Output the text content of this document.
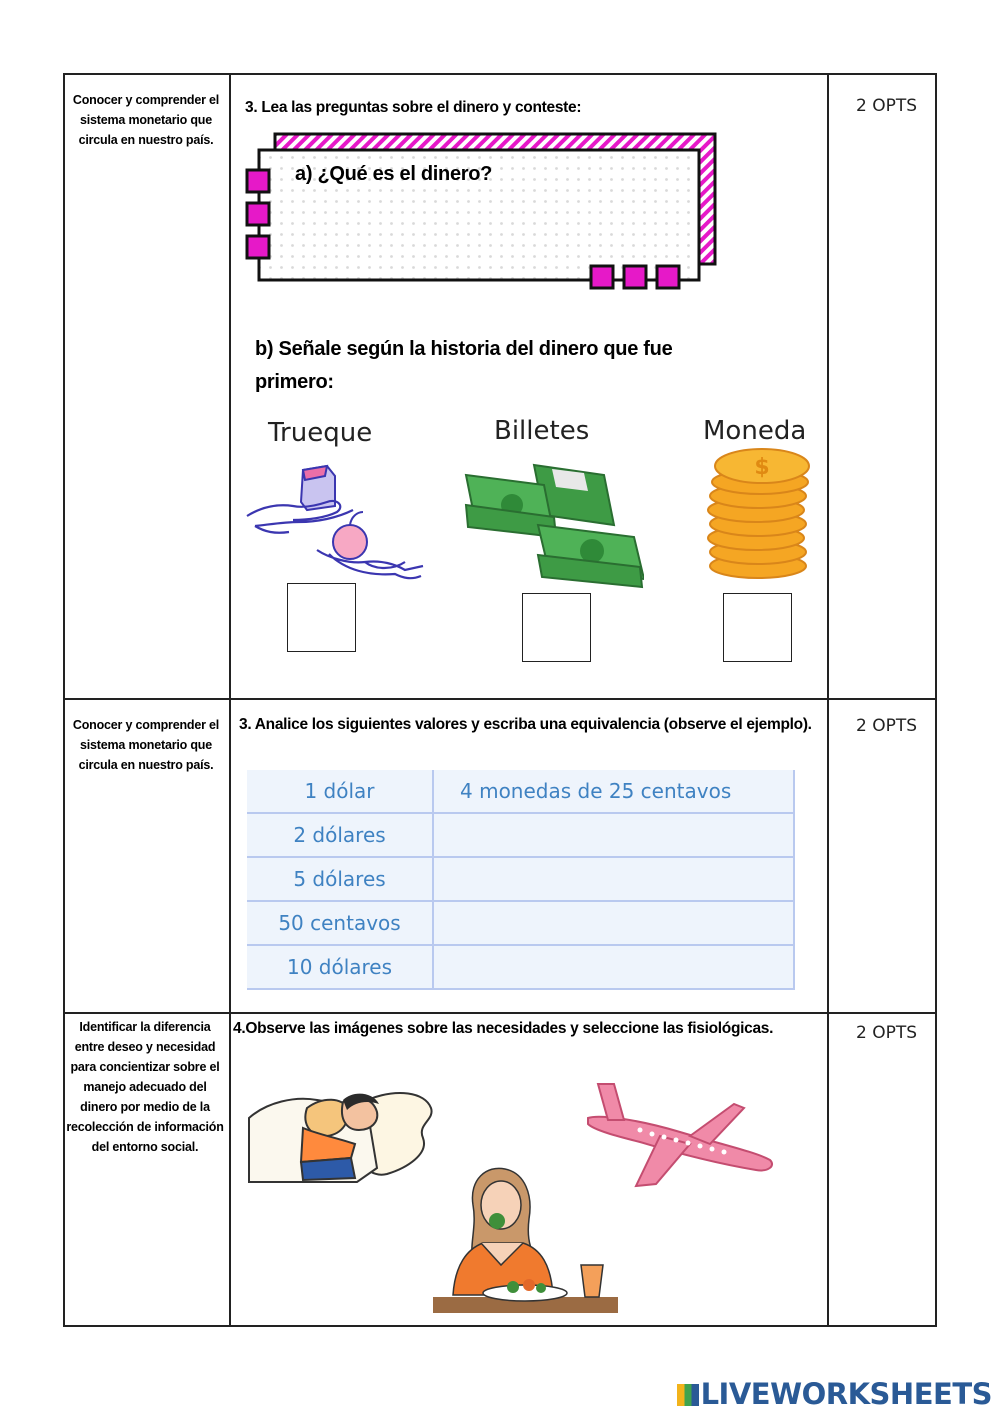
Conocer y comprender el sistema monetario que circula en nuestro país.
2 OPTS
3. Lea las preguntas sobre el dinero y conteste:
a) ¿Qué es el dinero?
b) Señale según la historia del dinero que fue primero:
Trueque	Billetes	Moneda
$
Conocer y comprender el sistema monetario que circula en nuestro país.
2 OPTS
3. Analice los siguientes valores y escriba una equivalencia (observe el ejemplo).
1 dólar	4 monedas de 25 centavos
2 dólares	
5 dólares	
50 centavos	
10 dólares	
Identificar la diferencia entre deseo y necesidad para concientizar sobre el manejo adecuado del dinero por medio de la recolección de información del entorno social.
2 OPTS
4.Observe las imágenes sobre las necesidades y seleccione las fisiológicas.
LIVEWORKSHEETS
